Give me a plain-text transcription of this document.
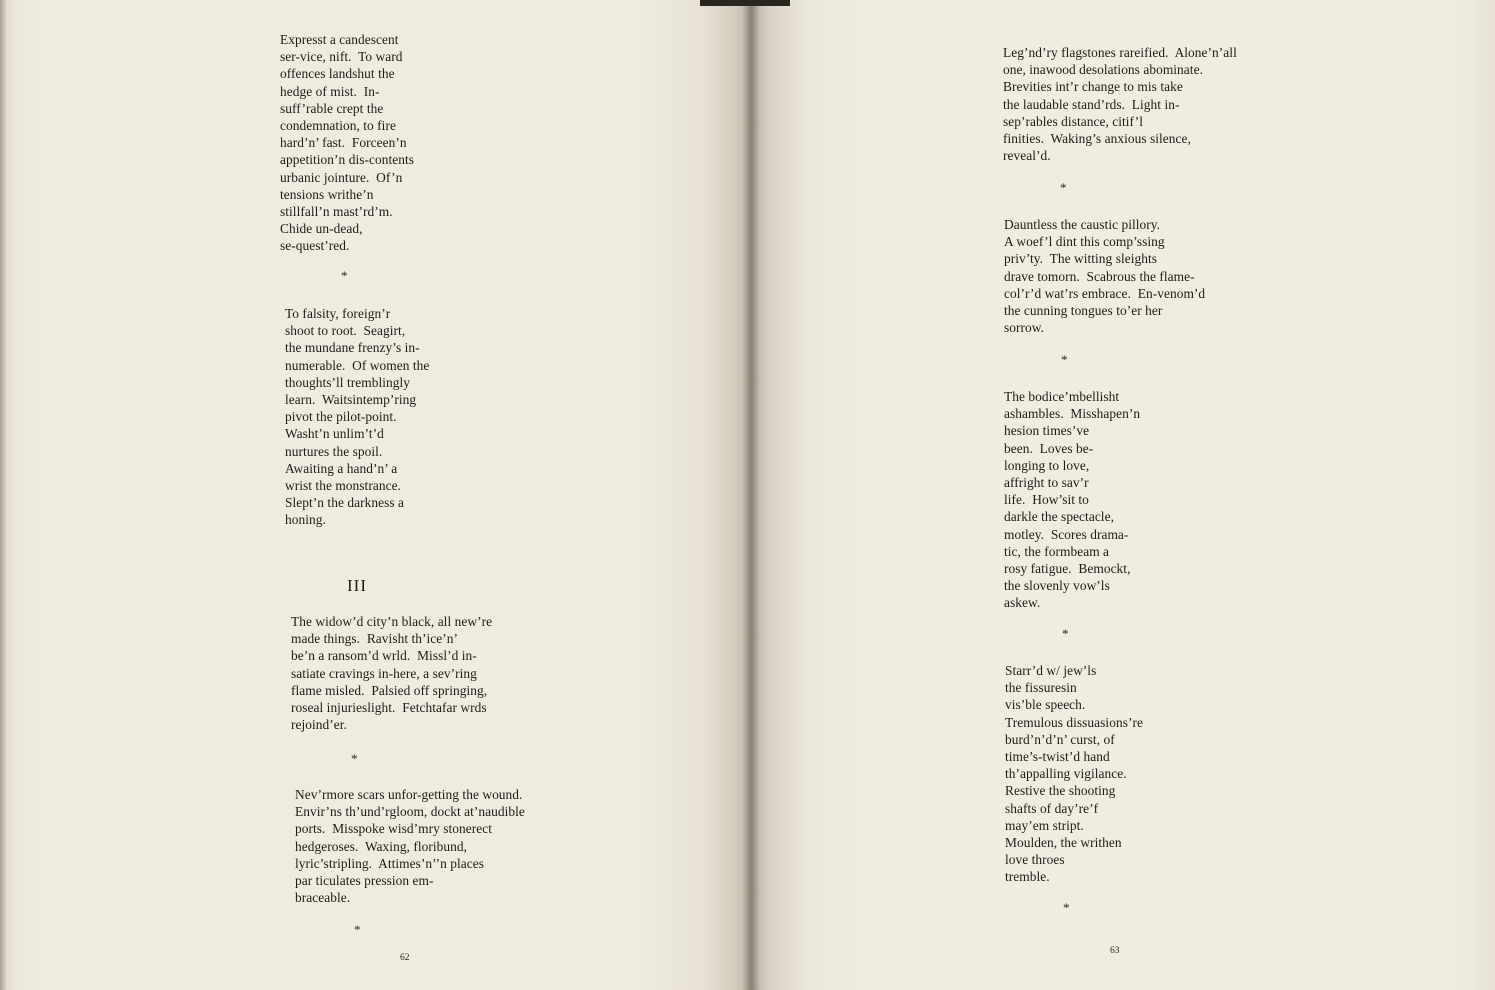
Expresst a candescent
ser-vice, nift.  To ward
offences landshut the
hedge of mist.  In-
suff’rable crept the
condemnation, to fire
hard’n’ fast.  Forceen’n
appetition’n dis-contents
urbanic jointure.  Of’n
tensions writhe’n
stillfall’n mast’rd’m.
Chide un-dead,
se-quest’red.

*

To falsity, foreign’r
shoot to root.  Seagirt,
the mundane frenzy’s in-
numerable.  Of women the
thoughts’ll tremblingly
learn.  Waitsintemp’ring
pivot the pilot-point.
Washt’n unlim’t’d
nurtures the spoil.
Awaiting a hand’n’ a
wrist the monstrance.
Slept’n the darkness a
honing.

III

The widow’d city’n black, all new’re
made things.  Ravisht th’ice’n’
be’n a ransom’d wrld.  Missl’d in-
satiate cravings in-here, a sev’ring
flame misled.  Palsied off springing,
roseal injurieslight.  Fetchtafar wrds
rejoind’er.

*

Nev’rmore scars unfor-getting the wound.
Envir’ns th’und’rgloom, dockt at’naudible
ports.  Misspoke wisd’mry stonerect
hedgeroses.  Waxing, floribund,
lyric’stripling.  Attimes’n’’n places
par ticulates pression em-
braceable.

*
62

Leg’nd’ry flagstones rareified.  Alone’n’all
one, inawood desolations abominate.
Brevities int’r change to mis take
the laudable stand’rds.  Light in-
sep’rables distance, citif’l
finities.  Waking’s anxious silence,
reveal’d.

*

Dauntless the caustic pillory.
A woef’l dint this comp’ssing
priv’ty.  The witting sleights
drave tomorn.  Scabrous the flame-
col’r’d wat’rs embrace.  En-venom’d
the cunning tongues to’er her
sorrow.

*

The bodice’mbellisht
ashambles.  Misshapen’n
hesion times’ve
been.  Loves be-
longing to love,
affright to sav’r
life.  How’sit to
darkle the spectacle,
motley.  Scores drama-
tic, the formbeam a
rosy fatigue.  Bemockt,
the slovenly vow’ls
askew.

*

Starr’d w/ jew’ls
the fissuresin
vis’ble speech.
Tremulous dissuasions’re
burd’n’d’n’ curst, of
time’s-twist’d hand
th’appalling vigilance.
Restive the shooting
shafts of day’re’f
may’em stript.
Moulden, the writhen
love throes
tremble.

*
63
